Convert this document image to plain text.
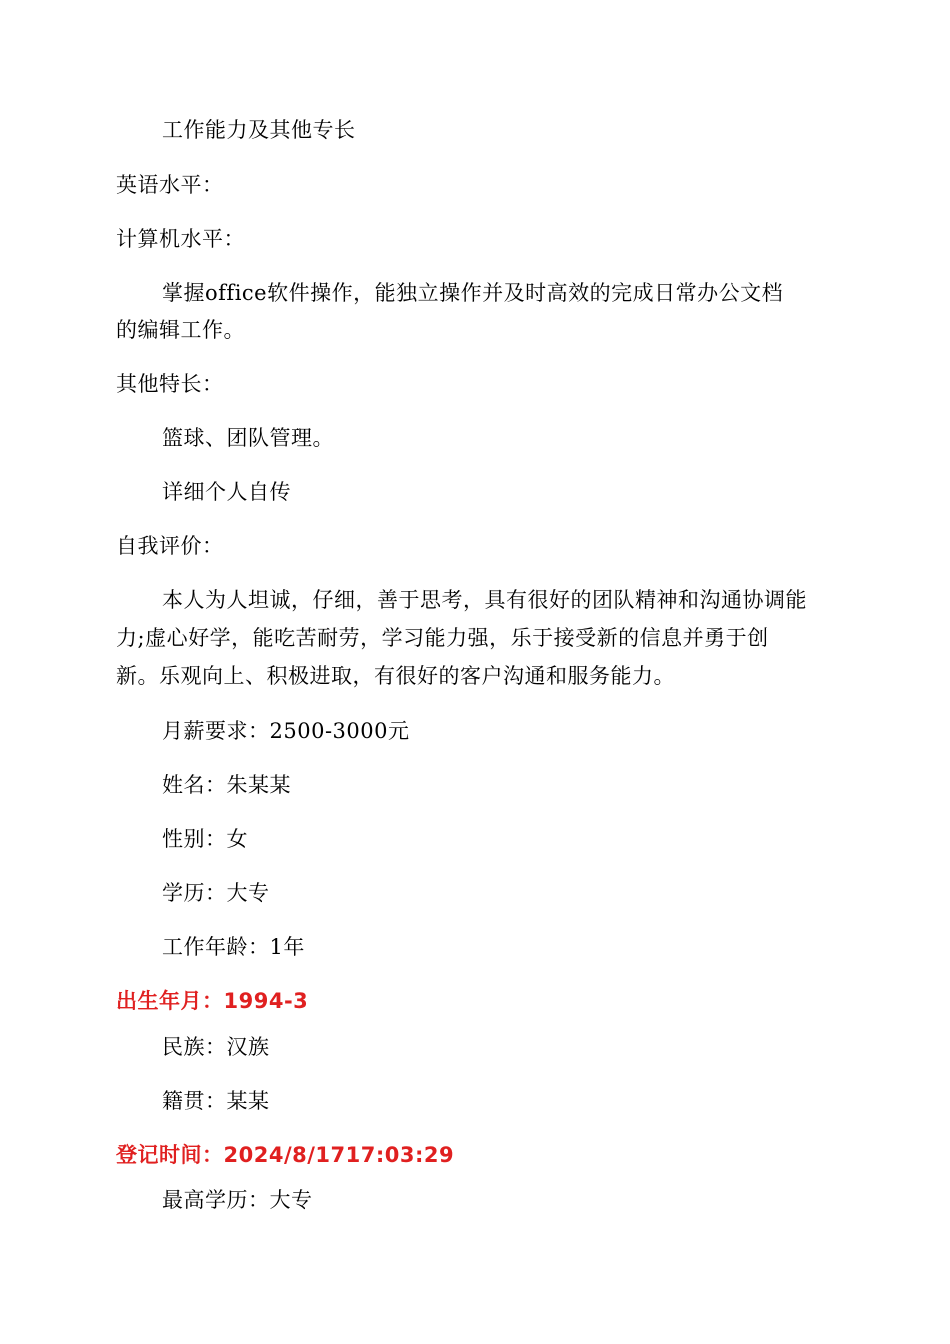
工作能力及其他专长
英语水平：
计算机水平：
掌握office软件操作，能独立操作并及时高效的完成日常办公文档
的编辑工作。
其他特长：
篮球、团队管理。
详细个人自传
自我评价：
本人为人坦诚，仔细，善于思考，具有很好的团队精神和沟通协调能
力;虚心好学，能吃苦耐劳，学习能力强，乐于接受新的信息并勇于创
新。乐观向上、积极进取，有很好的客户沟通和服务能力。
月薪要求：2500-3000元
姓名：朱某某
性别：女
学历：大专
工作年龄：1年
出生年月：1994-3
民族：汉族
籍贯：某某
登记时间：2024/8/1717:03:29
最高学历：大专
